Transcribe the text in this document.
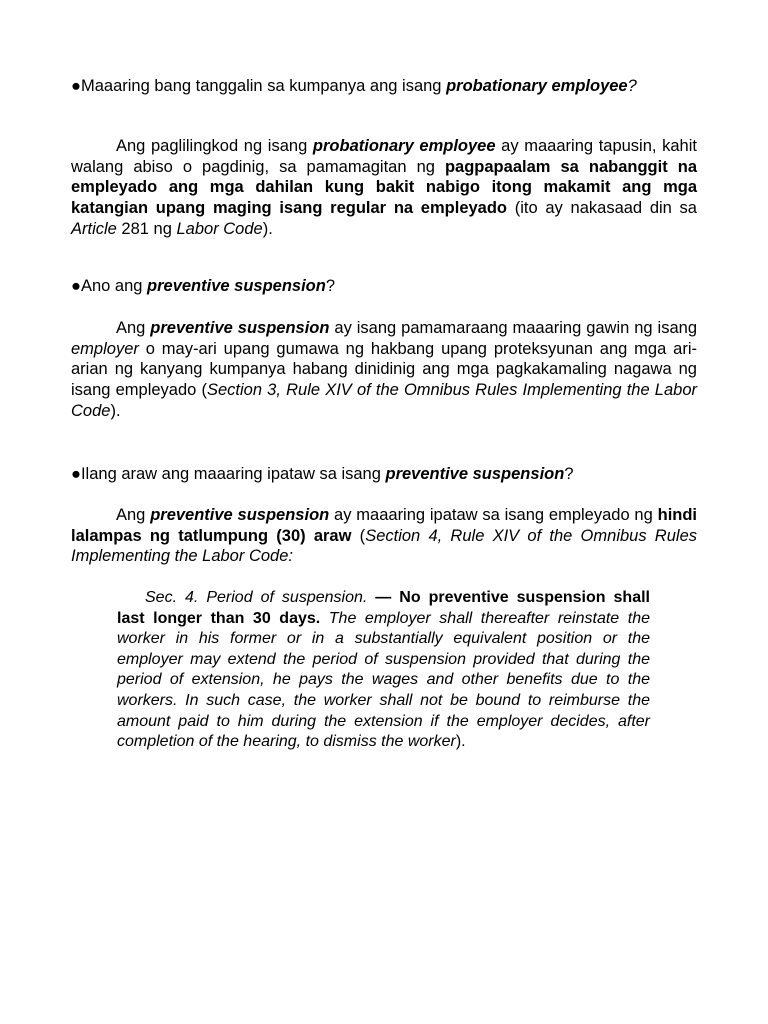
●Maaaring bang tanggalin sa kumpanya ang isang probationary employee?
Ang paglilingkod ng isang probationary employee ay maaaring tapusin, kahit walang abiso o pagdinig, sa pamamagitan ng pagpapaalam sa nabanggit na empleyado ang mga dahilan kung bakit nabigo itong makamit ang mga katangian upang maging isang regular na empleyado (ito ay nakasaad din sa Article 281 ng Labor Code).
●Ano ang preventive suspension?
Ang preventive suspension ay isang pamamaraang maaaring gawin ng isang employer o may-ari upang gumawa ng hakbang upang proteksyunan ang mga ari-arian ng kanyang kumpanya habang dinidinig ang mga pagkakamaling nagawa ng isang empleyado (Section 3, Rule XIV of the Omnibus Rules Implementing the Labor Code).
●Ilang araw ang maaaring ipataw sa isang preventive suspension?
Ang preventive suspension ay maaaring ipataw sa isang empleyado ng hindi lalampas ng tatlumpung (30) araw (Section 4, Rule XIV of the Omnibus Rules Implementing the Labor Code:
Sec. 4. Period of suspension. — No preventive suspension shall last longer than 30 days. The employer shall thereafter reinstate the worker in his former or in a substantially equivalent position or the employer may extend the period of suspension provided that during the period of extension, he pays the wages and other benefits due to the workers. In such case, the worker shall not be bound to reimburse the amount paid to him during the extension if the employer decides, after completion of the hearing, to dismiss the worker).
